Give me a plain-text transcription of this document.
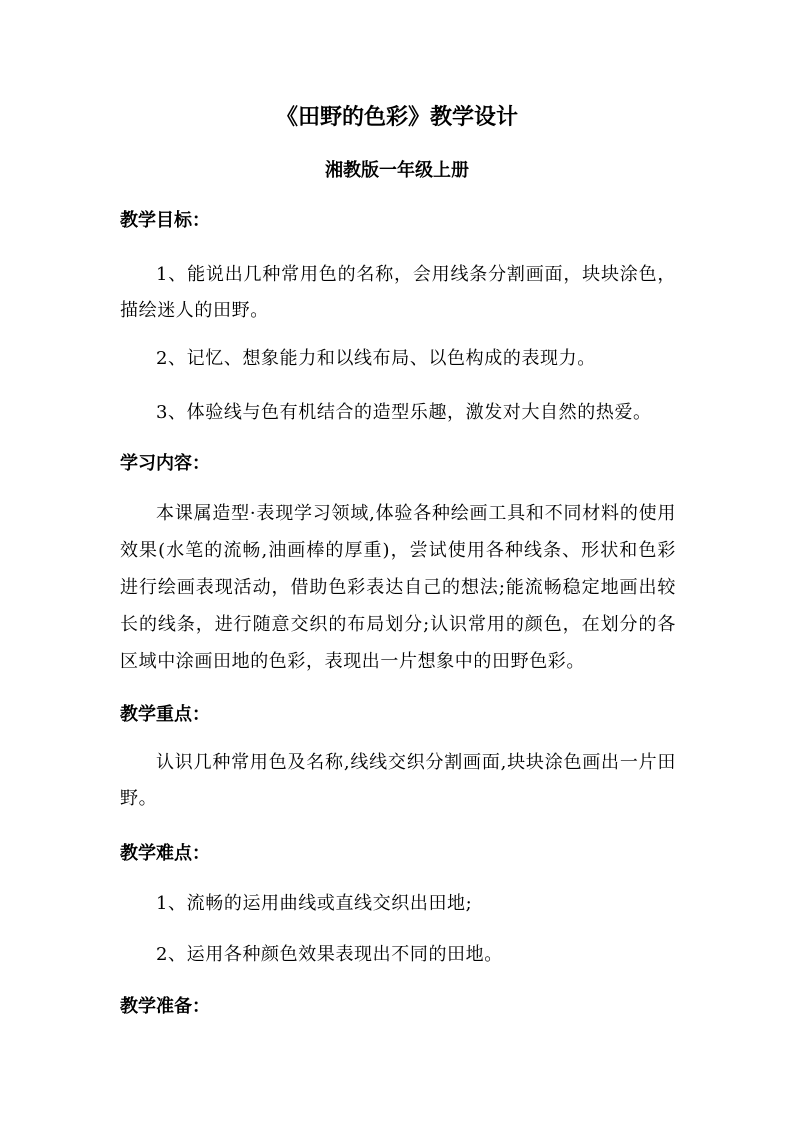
《田野的色彩》教学设计
湘教版一年级上册
教学目标：
1、能说出几种常用色的名称，会用线条分割画面，块块涂色，描绘迷人的田野。
2、记忆、想象能力和以线布局、以色构成的表现力。
3、体验线与色有机结合的造型乐趣，激发对大自然的热爱。
学习内容：
本课属造型·表现学习领域,体验各种绘画工具和不同材料的使用效果(水笔的流畅,油画棒的厚重)，尝试使用各种线条、形状和色彩进行绘画表现活动，借助色彩表达自己的想法;能流畅稳定地画出较长的线条，进行随意交织的布局划分;认识常用的颜色，在划分的各区域中涂画田地的色彩，表现出一片想象中的田野色彩。
教学重点：
认识几种常用色及名称,线线交织分割画面,块块涂色画出一片田野。
教学难点：
1、流畅的运用曲线或直线交织出田地;
2、运用各种颜色效果表现出不同的田地。
教学准备：
